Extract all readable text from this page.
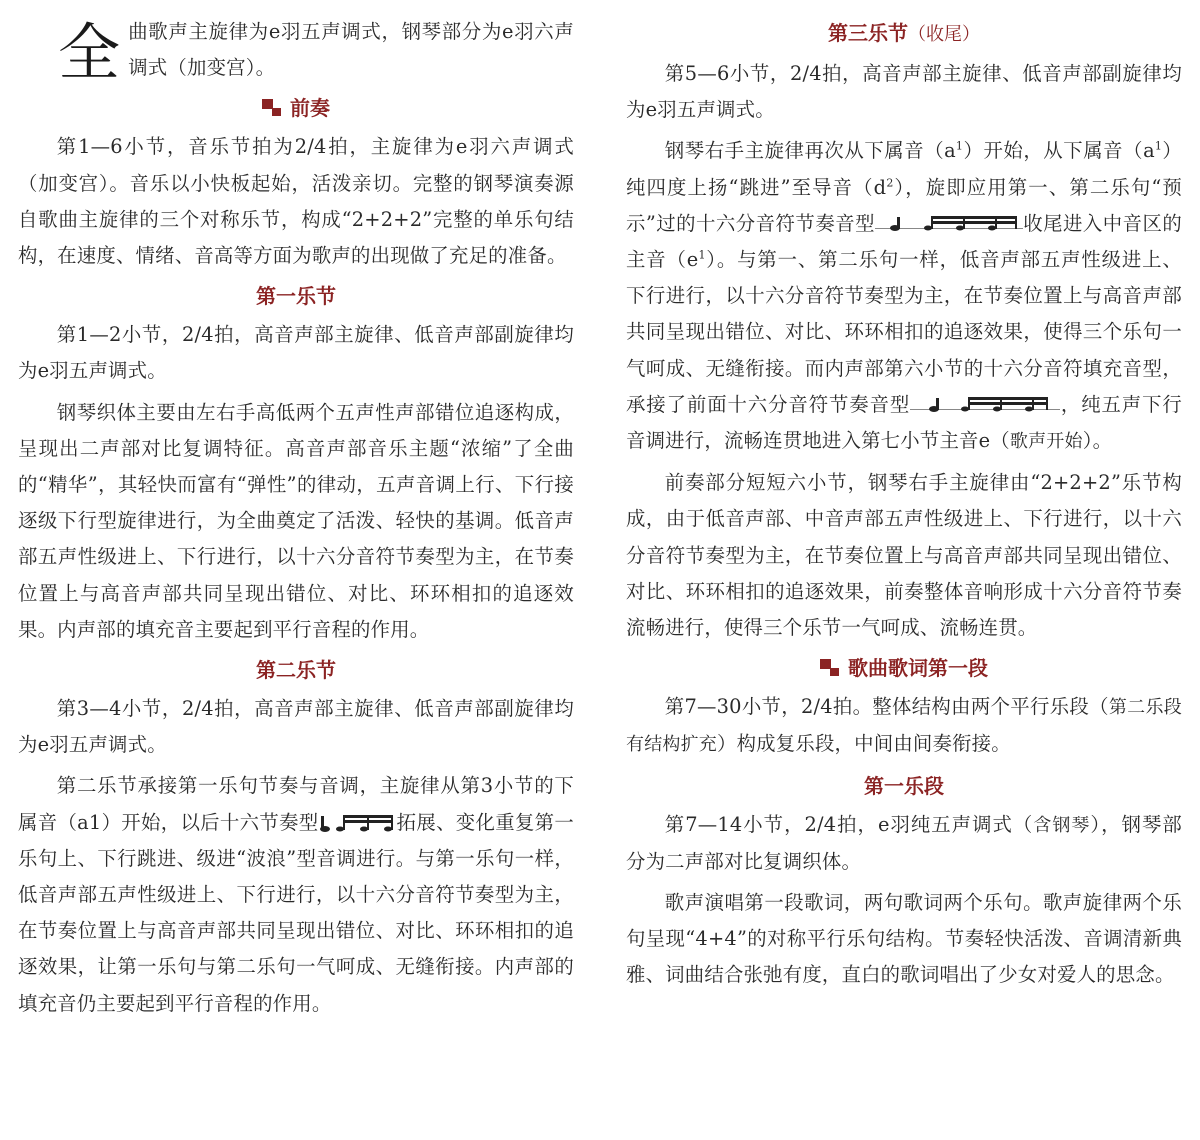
全曲歌声主旋律为e羽五声调式，钢琴部分为e羽六声调式（加变宫）。

前奏

第1—6小节，音乐节拍为2/4拍，主旋律为e羽六声调式（加变宫）。音乐以小快板起始，活泼亲切。完整的钢琴演奏源自歌曲主旋律的三个对称乐节，构成“2+2+2”完整的单乐句结构，在速度、情绪、音高等方面为歌声的出现做了充足的准备。

第一乐节

第1—2小节，2/4拍，高音声部主旋律、低音声部副旋律均为e羽五声调式。

钢琴织体主要由左右手高低两个五声性声部错位追逐构成，呈现出二声部对比复调特征。高音声部音乐主题“浓缩”了全曲的“精华”，其轻快而富有“弹性”的律动，五声音调上行、下行接逐级下行型旋律进行，为全曲奠定了活泼、轻快的基调。低音声部五声性级进上、下行进行，以十六分音符节奏型为主，在节奏位置上与高音声部共同呈现出错位、对比、环环相扣的追逐效果。内声部的填充音主要起到平行音程的作用。

第二乐节

第3—4小节，2/4拍，高音声部主旋律、低音声部副旋律均为e羽五声调式。

第二乐节承接第一乐句节奏与音调，主旋律从第3小节的下属音（a1）开始，以后十六节奏型	拓展、变化重复第一乐句上、下行跳进、级进“波浪”型音调进行。与第一乐句一样，低音声部五声性级进上、下行进行，以十六分音符节奏型为主，在节奏位置上与高音声部共同呈现出错位、对比、环环相扣的追逐效果，让第一乐句与第二乐句一气呵成、无缝衔接。内声部的填充音仍主要起到平行音程的作用。

第三乐节（收尾）

第5—6小节，2/4拍，高音声部主旋律、低音声部副旋律均为e羽五声调式。

钢琴右手主旋律再次从下属音$(a^1)$开始，从下属音$(a^1)$纯四度上扬“跳进”至导音$(d^2)$，旋即应用第一、第二乐句“预示”过的十六分音符节奏音型	收尾进入中音区的主音$(e^1)$。与第一、第二乐句一样，低音声部五声性级进上、下行进行，以十六分音符节奏型为主，在节奏位置上与高音声部共同呈现出错位、对比、环环相扣的追逐效果，使得三个乐句一气呵成、无缝衔接。而内声部第六小节的十六分音符填充音型，承接了前面十六分音符节奏音型	，纯五声下行音调进行，流畅连贯地进入第七小节主音e（歌声开始）。

前奏部分短短六小节，钢琴右手主旋律由“2+2+2”乐节构成，由于低音声部、中音声部五声性级进上、下行进行，以十六分音符节奏型为主，在节奏位置上与高音声部共同呈现出错位、对比、环环相扣的追逐效果，前奏整体音响形成十六分音符节奏流畅进行，使得三个乐节一气呵成、流畅连贯。

歌曲歌词第一段

第7—30小节，2/4拍。整体结构由两个平行乐段（第二乐段有结构扩充）构成复乐段，中间由间奏衔接。

第一乐段

第7—14小节，2/4拍，e羽纯五声调式（含钢琴），钢琴部分为二声部对比复调织体。

歌声演唱第一段歌词，两句歌词两个乐句。歌声旋律两个乐句呈现“4+4”的对称平行乐句结构。节奏轻快活泼、音调清新典雅、词曲结合张弛有度，直白的歌词唱出了少女对爱人的思念。
